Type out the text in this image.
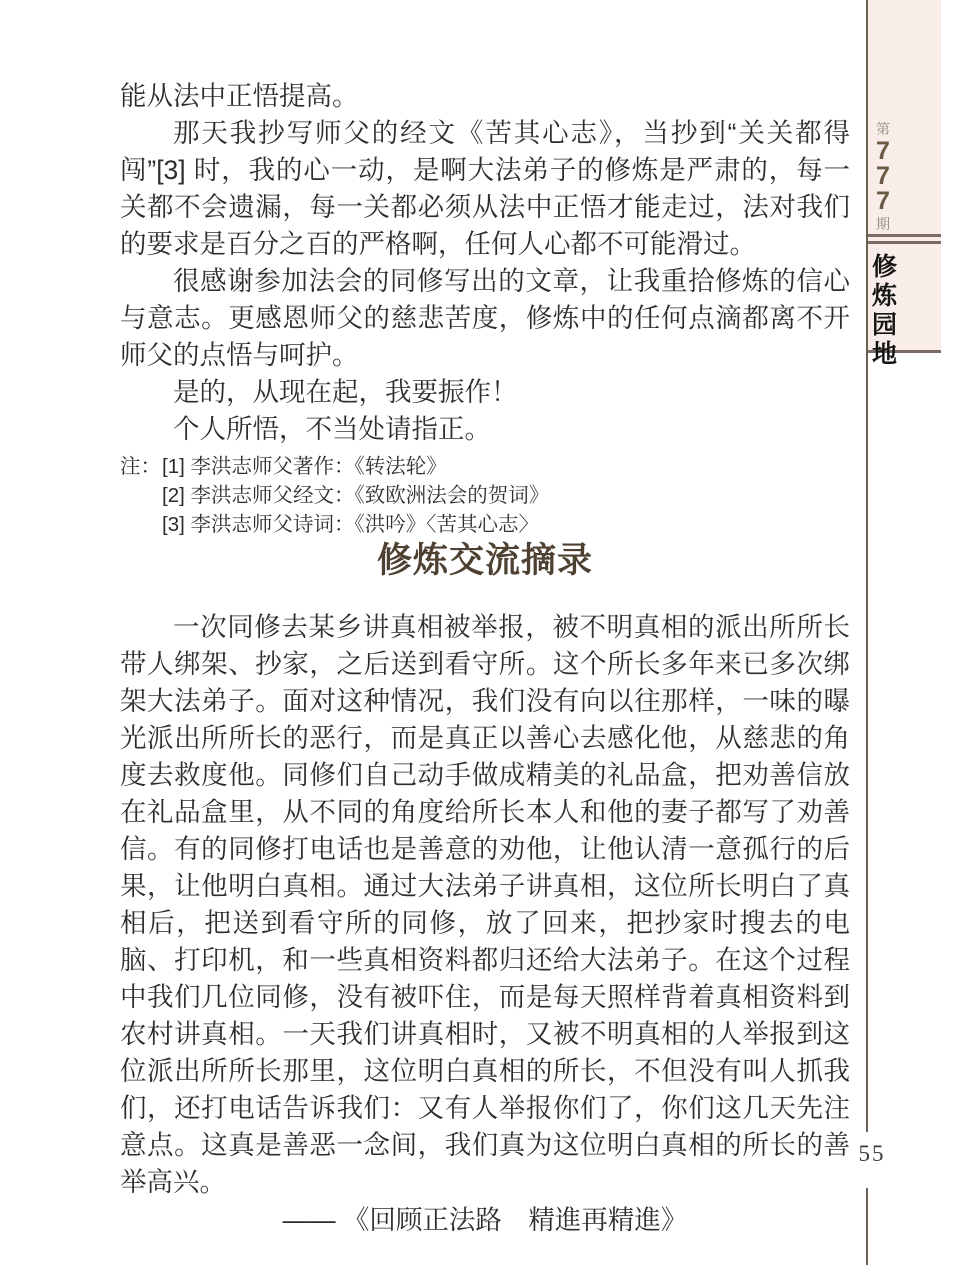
能从法中正悟提高。

那天我抄写师父的经文《苦其心志》，当抄到“关关都得闯”[3] 时，我的心一动，是啊大法弟子的修炼是严肃的，每一关都不会遗漏，每一关都必须从法中正悟才能走过，法对我们的要求是百分之百的严格啊，任何人心都不可能滑过。

很感谢参加法会的同修写出的文章，让我重拾修炼的信心与意志。更感恩师父的慈悲苦度，修炼中的任何点滴都离不开师父的点悟与呵护。

是的，从现在起，我要振作！

个人所悟，不当处请指正。

注： [1] 李洪志师父著作：《转法轮》
[2] 李洪志师父经文：《致欧洲法会的贺词》
[3] 李洪志师父诗词：《洪吟》〈苦其心志〉

修炼交流摘录

一次同修去某乡讲真相被举报，被不明真相的派出所所长带人绑架、抄家，之后送到看守所。这个所长多年来已多次绑架大法弟子。面对这种情况，我们没有向以往那样，一味的曝光派出所所长的恶行，而是真正以善心去感化他，从慈悲的角度去救度他。同修们自己动手做成精美的礼品盒，把劝善信放在礼品盒里，从不同的角度给所长本人和他的妻子都写了劝善信。有的同修打电话也是善意的劝他，让他认清一意孤行的后果，让他明白真相。通过大法弟子讲真相，这位所长明白了真相后，把送到看守所的同修，放了回来，把抄家时搜去的电脑、打印机，和一些真相资料都归还给大法弟子。在这个过程中我们几位同修，没有被吓住，而是每天照样背着真相资料到农村讲真相。一天我们讲真相时，又被不明真相的人举报到这位派出所所长那里，这位明白真相的所长，不但没有叫人抓我们，还打电话告诉我们：又有人举报你们了，你们这几天先注意点。这真是善恶一念间，我们真为这位明白真相的所长的善举高兴。

—— 《回顾正法路　精進再精進》

第
777
期
修炼园地
55
